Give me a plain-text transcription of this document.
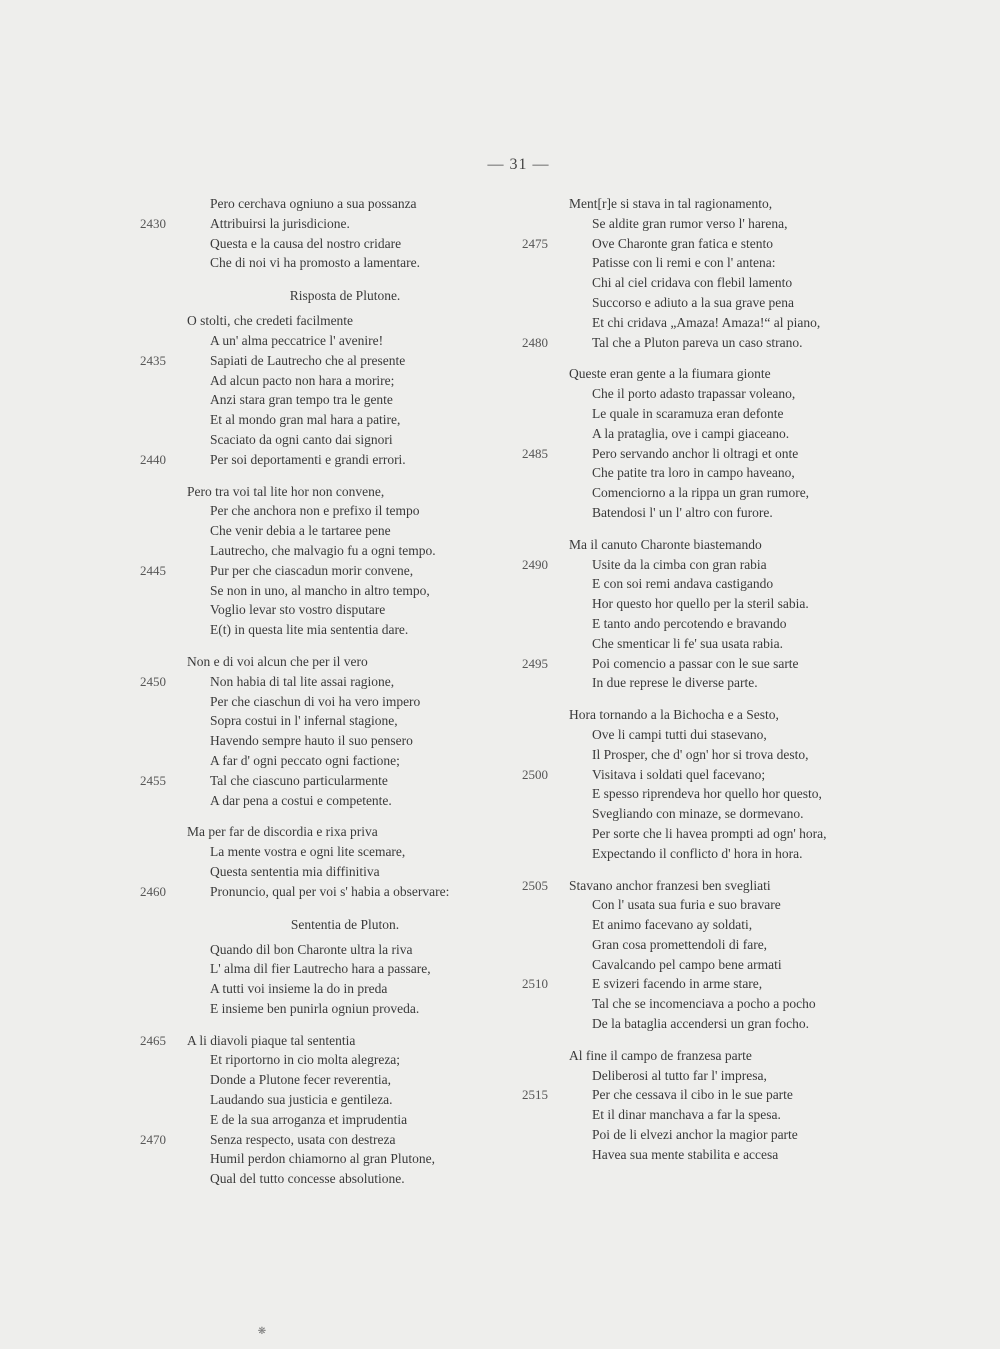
— 31 —
Pero cerchava ogniuno a sua possanza
2430	Attribuirsi la jurisdicione.
Questa e la causa del nostro cridare
Che di noi vi ha promosto a lamentare.
Risposta de Plutone.
O stolti, che credeti facilmente
A un' alma peccatrice l' avenire!
2435	Sapiati de Lautrecho che al presente
Ad alcun pacto non hara a morire;
Anzi stara gran tempo tra le gente
Et al mondo gran mal hara a patire,
Scaciato da ogni canto dai signori
2440	Per soi deportamenti e grandi errori.
Pero tra voi tal lite hor non convene,
Per che anchora non e prefixo il tempo
Che venir debia a le tartaree pene
Lautrecho, che malvagio fu a ogni tempo.
2445	Pur per che ciascadun morir convene,
Se non in uno, al mancho in altro tempo,
Voglio levar sto vostro disputare
E(t) in questa lite mia sententia dare.
Non e di voi alcun che per il vero
2450	Non habia di tal lite assai ragione,
Per che ciaschun di voi ha vero impero
Sopra costui in l' infernal stagione,
Havendo sempre hauto il suo pensero
A far d' ogni peccato ogni factione;
2455	Tal che ciascuno particularmente
A dar pena a costui e competente.
Ma per far de discordia e rixa priva
La mente vostra e ogni lite scemare,
Questa sententia mia diffinitiva
2460	Pronuncio, qual per voi s' habia a observare:
Sententia de Pluton.
Quando dil bon Charonte ultra la riva
L' alma dil fier Lautrecho hara a passare,
A tutti voi insieme la do in preda
E insieme ben punirla ogniun proveda.
2465	A li diavoli piaque tal sententia
Et riportorno in cio molta alegreza;
Donde a Plutone fecer reverentia,
Laudando sua justicia e gentileza.
E de la sua arroganza et imprudentia
2470	Senza respecto, usata con destreza
Humil perdon chiamorno al gran Plutone,
Qual del tutto concesse absolutione.
Ment[r]e si stava in tal ragionamento,
Se aldite gran rumor verso l' harena,
2475	Ove Charonte gran fatica e stento
Patisse con li remi e con l' antena:
Chi al ciel cridava con flebil lamento
Succorso e adiuto a la sua grave pena
Et chi cridava „Amaza! Amaza!“ al piano,
2480	Tal che a Pluton pareva un caso strano.
Queste eran gente a la fiumara gionte
Che il porto adasto trapassar voleano,
Le quale in scaramuza eran defonte
A la prataglia, ove i campi giaceano.
2485	Pero servando anchor li oltragi et onte
Che patite tra loro in campo haveano,
Comenciorno a la rippa un gran rumore,
Batendosi l' un l' altro con furore.
Ma il canuto Charonte biastemando
2490	Usite da la cimba con gran rabia
E con soi remi andava castigando
Hor questo hor quello per la steril sabia.
E tanto ando percotendo e bravando
Che smenticar li fe' sua usata rabia.
2495	Poi comencio a passar con le sue sarte
In due represe le diverse parte.
Hora tornando a la Bichocha e a Sesto,
Ove li campi tutti dui stasevano,
Il Prosper, che d' ogn' hor si trova desto,
2500	Visitava i soldati quel facevano;
E spesso riprendeva hor quello hor questo,
Svegliando con minaze, se dormevano.
Per sorte che li havea prompti ad ogn' hora,
Expectando il conflicto d' hora in hora.
2505	Stavano anchor franzesi ben svegliati
Con l' usata sua furia e suo bravare
Et animo facevano ay soldati,
Gran cosa promettendoli di fare,
Cavalcando pel campo bene armati
2510	E svizeri facendo in arme stare,
Tal che se incomenciava a pocho a pocho
De la bataglia accendersi un gran focho.
Al fine il campo de franzesa parte
Deliberosi al tutto far l' impresa,
2515	Per che cessava il cibo in le sue parte
Et il dinar manchava a far la spesa.
Poi de li elvezi anchor la magior parte
Havea sua mente stabilita e accesa
❋
